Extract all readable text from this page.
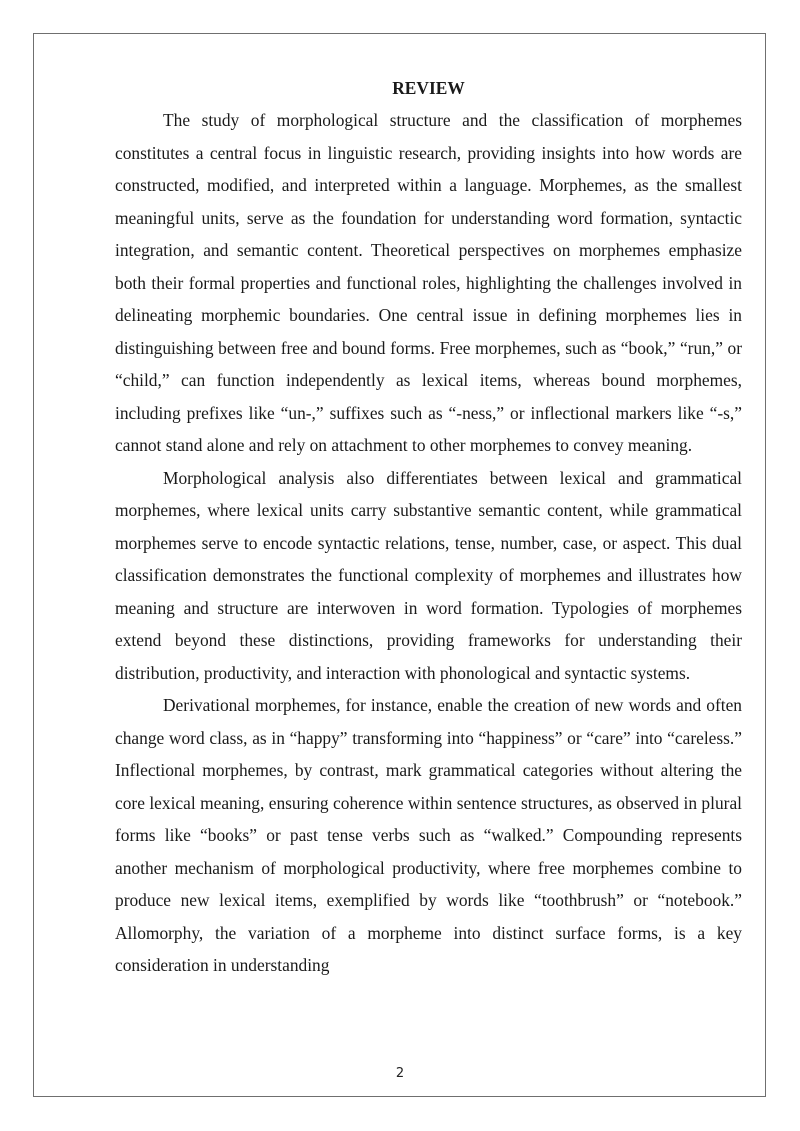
REVIEW

The study of morphological structure and the classification of morphemes constitutes a central focus in linguistic research, providing insights into how words are constructed, modified, and interpreted within a language. Morphemes, as the smallest meaningful units, serve as the foundation for understanding word formation, syntactic integration, and semantic content. Theoretical perspectives on morphemes emphasize both their formal properties and functional roles, highlighting the challenges involved in delineating morphemic boundaries. One central issue in defining morphemes lies in distinguishing between free and bound forms. Free morphemes, such as “book,” “run,” or “child,” can function independently as lexical items, whereas bound morphemes, including prefixes like “un-,” suffixes such as “-ness,” or inflectional markers like “-s,” cannot stand alone and rely on attachment to other morphemes to convey meaning.

Morphological analysis also differentiates between lexical and grammatical morphemes, where lexical units carry substantive semantic content, while grammatical morphemes serve to encode syntactic relations, tense, number, case, or aspect. This dual classification demonstrates the functional complexity of morphemes and illustrates how meaning and structure are interwoven in word formation. Typologies of morphemes extend beyond these distinctions, providing frameworks for understanding their distribution, productivity, and interaction with phonological and syntactic systems.

Derivational morphemes, for instance, enable the creation of new words and often change word class, as in “happy” transforming into “happiness” or “care” into “careless.” Inflectional morphemes, by contrast, mark grammatical categories without altering the core lexical meaning, ensuring coherence within sentence structures, as observed in plural forms like “books” or past tense verbs such as “walked.” Compounding represents another mechanism of morphological productivity, where free morphemes combine to produce new lexical items, exemplified by words like “toothbrush” or “notebook.” Allomorphy, the variation of a morpheme into distinct surface forms, is a key consideration in understanding

2
